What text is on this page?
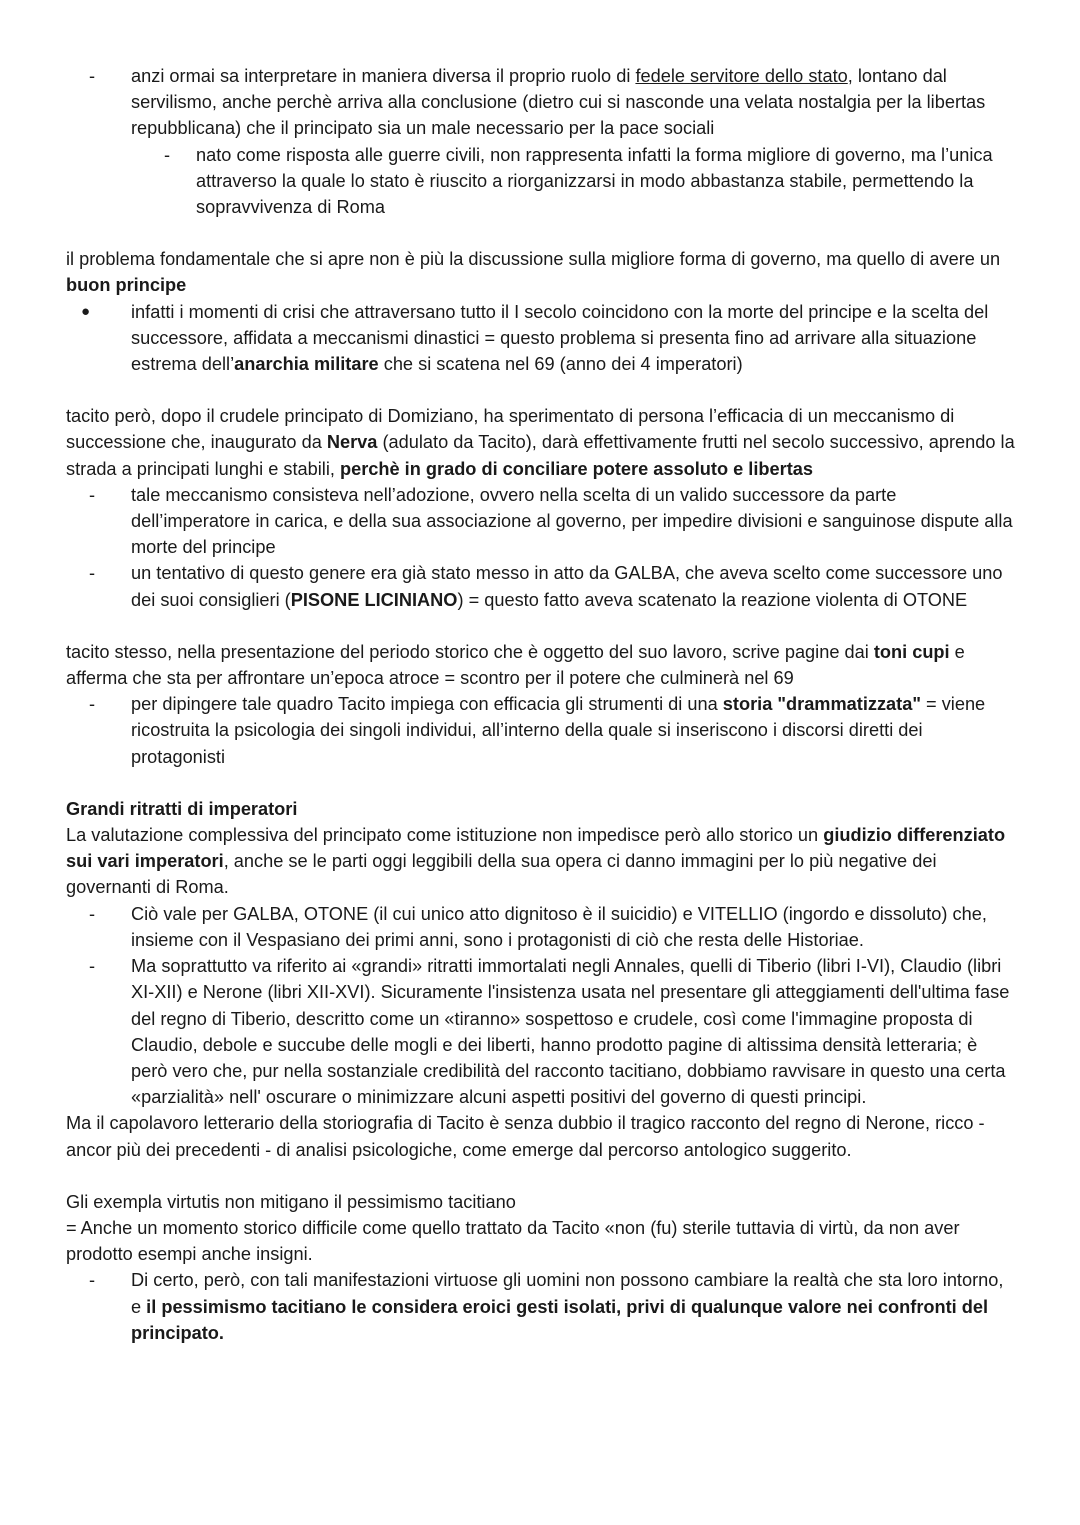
- anzi ormai sa interpretare in maniera diversa il proprio ruolo di fedele servitore dello stato, lontano dal servilismo, anche perchè arriva alla conclusione (dietro cui si nasconde una velata nostalgia per la libertas repubblicana) che il principato sia un male necessario per la pace sociali
- nato come risposta alle guerre civili, non rappresenta infatti la forma migliore di governo, ma l’unica attraverso la quale lo stato è riuscito a riorganizzarsi in modo abbastanza stabile, permettendo la sopravvivenza di Roma
il problema fondamentale che si apre non è più la discussione sulla migliore forma di governo, ma quello di avere un buon principe
● infatti i momenti di crisi che attraversano tutto il I secolo coincidono con la morte del principe e la scelta del successore, affidata a meccanismi dinastici = questo problema si presenta fino ad arrivare alla situazione estrema dell’anarchia militare che si scatena nel 69 (anno dei 4 imperatori)
tacito però, dopo il crudele principato di Domiziano, ha sperimentato di persona l’efficacia di un meccanismo di successione che, inaugurato da Nerva (adulato da Tacito), darà effettivamente frutti nel secolo successivo, aprendo la strada a principati lunghi e stabili, perchè in grado di conciliare potere assoluto e libertas
- tale meccanismo consisteva nell’adozione, ovvero nella scelta di un valido successore da parte dell’imperatore in carica, e della sua associazione al governo, per impedire divisioni e sanguinose dispute alla morte del principe
- un tentativo di questo genere era già stato messo in atto da GALBA, che aveva scelto come successore uno dei suoi consiglieri (PISONE LICINIANO) = questo fatto aveva scatenato la reazione violenta di OTONE
tacito stesso, nella presentazione del periodo storico che è oggetto del suo lavoro, scrive pagine dai toni cupi e afferma che sta per affrontare un’epoca atroce = scontro per il potere che culminerà nel 69
- per dipingere tale quadro Tacito impiega con efficacia gli strumenti di una storia "drammatizzata" = viene ricostruita la psicologia dei singoli individui, all’interno della quale si inseriscono i discorsi diretti dei protagonisti
Grandi ritratti di imperatori
La valutazione complessiva del principato come istituzione non impedisce però allo storico un giudizio differenziato sui vari imperatori, anche se le parti oggi leggibili della sua opera ci danno immagini per lo più negative dei governanti di Roma.
- Ciò vale per GALBA, OTONE (il cui unico atto dignitoso è il suicidio) e VITELLIO (ingordo e dissoluto) che, insieme con il Vespasiano dei primi anni, sono i protagonisti di ciò che resta delle Historiae.
- Ma soprattutto va riferito ai «grandi» ritratti immortalati negli Annales, quelli di Tiberio (libri I-VI), Claudio (libri XI-XII) e Nerone (libri XII-XVI). Sicuramente l'insistenza usata nel presentare gli atteggiamenti dell'ultima fase del regno di Tiberio, descritto come un «tiranno» sospettoso e crudele, così come l'immagine proposta di Claudio, debole e succube delle mogli e dei liberti, hanno prodotto pagine di altissima densità letteraria; è però vero che, pur nella sostanziale credibilità del racconto tacitiano, dobbiamo ravvisare in questo una certa «parzialità» nell' oscurare o minimizzare alcuni aspetti positivi del governo di questi principi.
Ma il capolavoro letterario della storiografia di Tacito è senza dubbio il tragico racconto del regno di Nerone, ricco - ancor più dei precedenti - di analisi psicologiche, come emerge dal percorso antologico suggerito.
Gli exempla virtutis non mitigano il pessimismo tacitiano
= Anche un momento storico difficile come quello trattato da Tacito «non (fu) sterile tuttavia di virtù, da non aver prodotto esempi anche insigni.
- Di certo, però, con tali manifestazioni virtuose gli uomini non possono cambiare la realtà che sta loro intorno, e il pessimismo tacitiano le considera eroici gesti isolati, privi di qualunque valore nei confronti del principato.
